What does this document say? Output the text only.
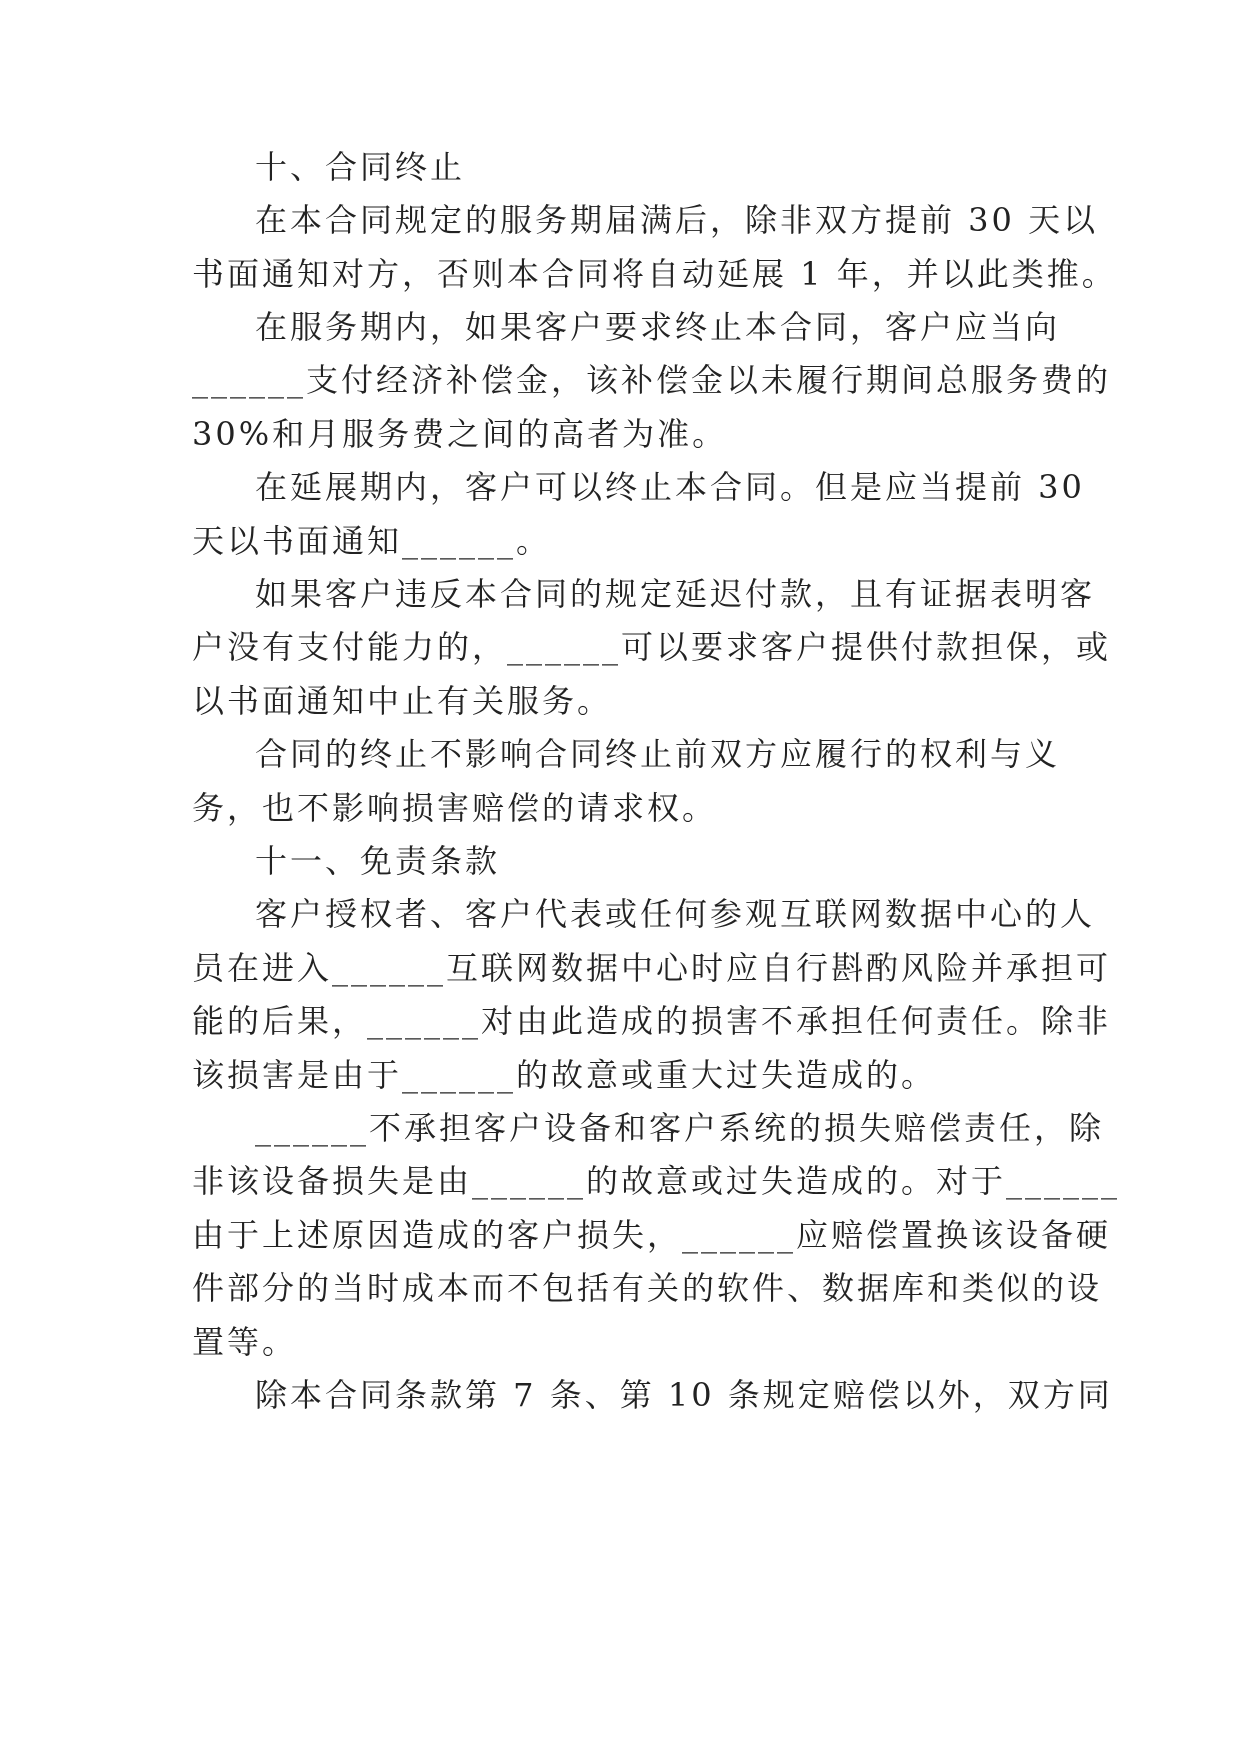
十、合同终止
在本合同规定的服务期届满后，除非双方提前 30 天以
书面通知对方，否则本合同将自动延展 1 年，并以此类推。
在服务期内，如果客户要求终止本合同，客户应当向
______支付经济补偿金，该补偿金以未履行期间总服务费的
30%和月服务费之间的高者为准。
在延展期内，客户可以终止本合同。但是应当提前 30
天以书面通知______。
如果客户违反本合同的规定延迟付款，且有证据表明客
户没有支付能力的，______可以要求客户提供付款担保，或
以书面通知中止有关服务。
合同的终止不影响合同终止前双方应履行的权利与义
务，也不影响损害赔偿的请求权。
十一、免责条款
客户授权者、客户代表或任何参观互联网数据中心的人
员在进入______互联网数据中心时应自行斟酌风险并承担可
能的后果，______对由此造成的损害不承担任何责任。除非
该损害是由于______的故意或重大过失造成的。
______不承担客户设备和客户系统的损失赔偿责任，除
非该设备损失是由______的故意或过失造成的。对于______
由于上述原因造成的客户损失，______应赔偿置换该设备硬
件部分的当时成本而不包括有关的软件、数据库和类似的设
置等。
除本合同条款第 7 条、第 10 条规定赔偿以外，双方同
